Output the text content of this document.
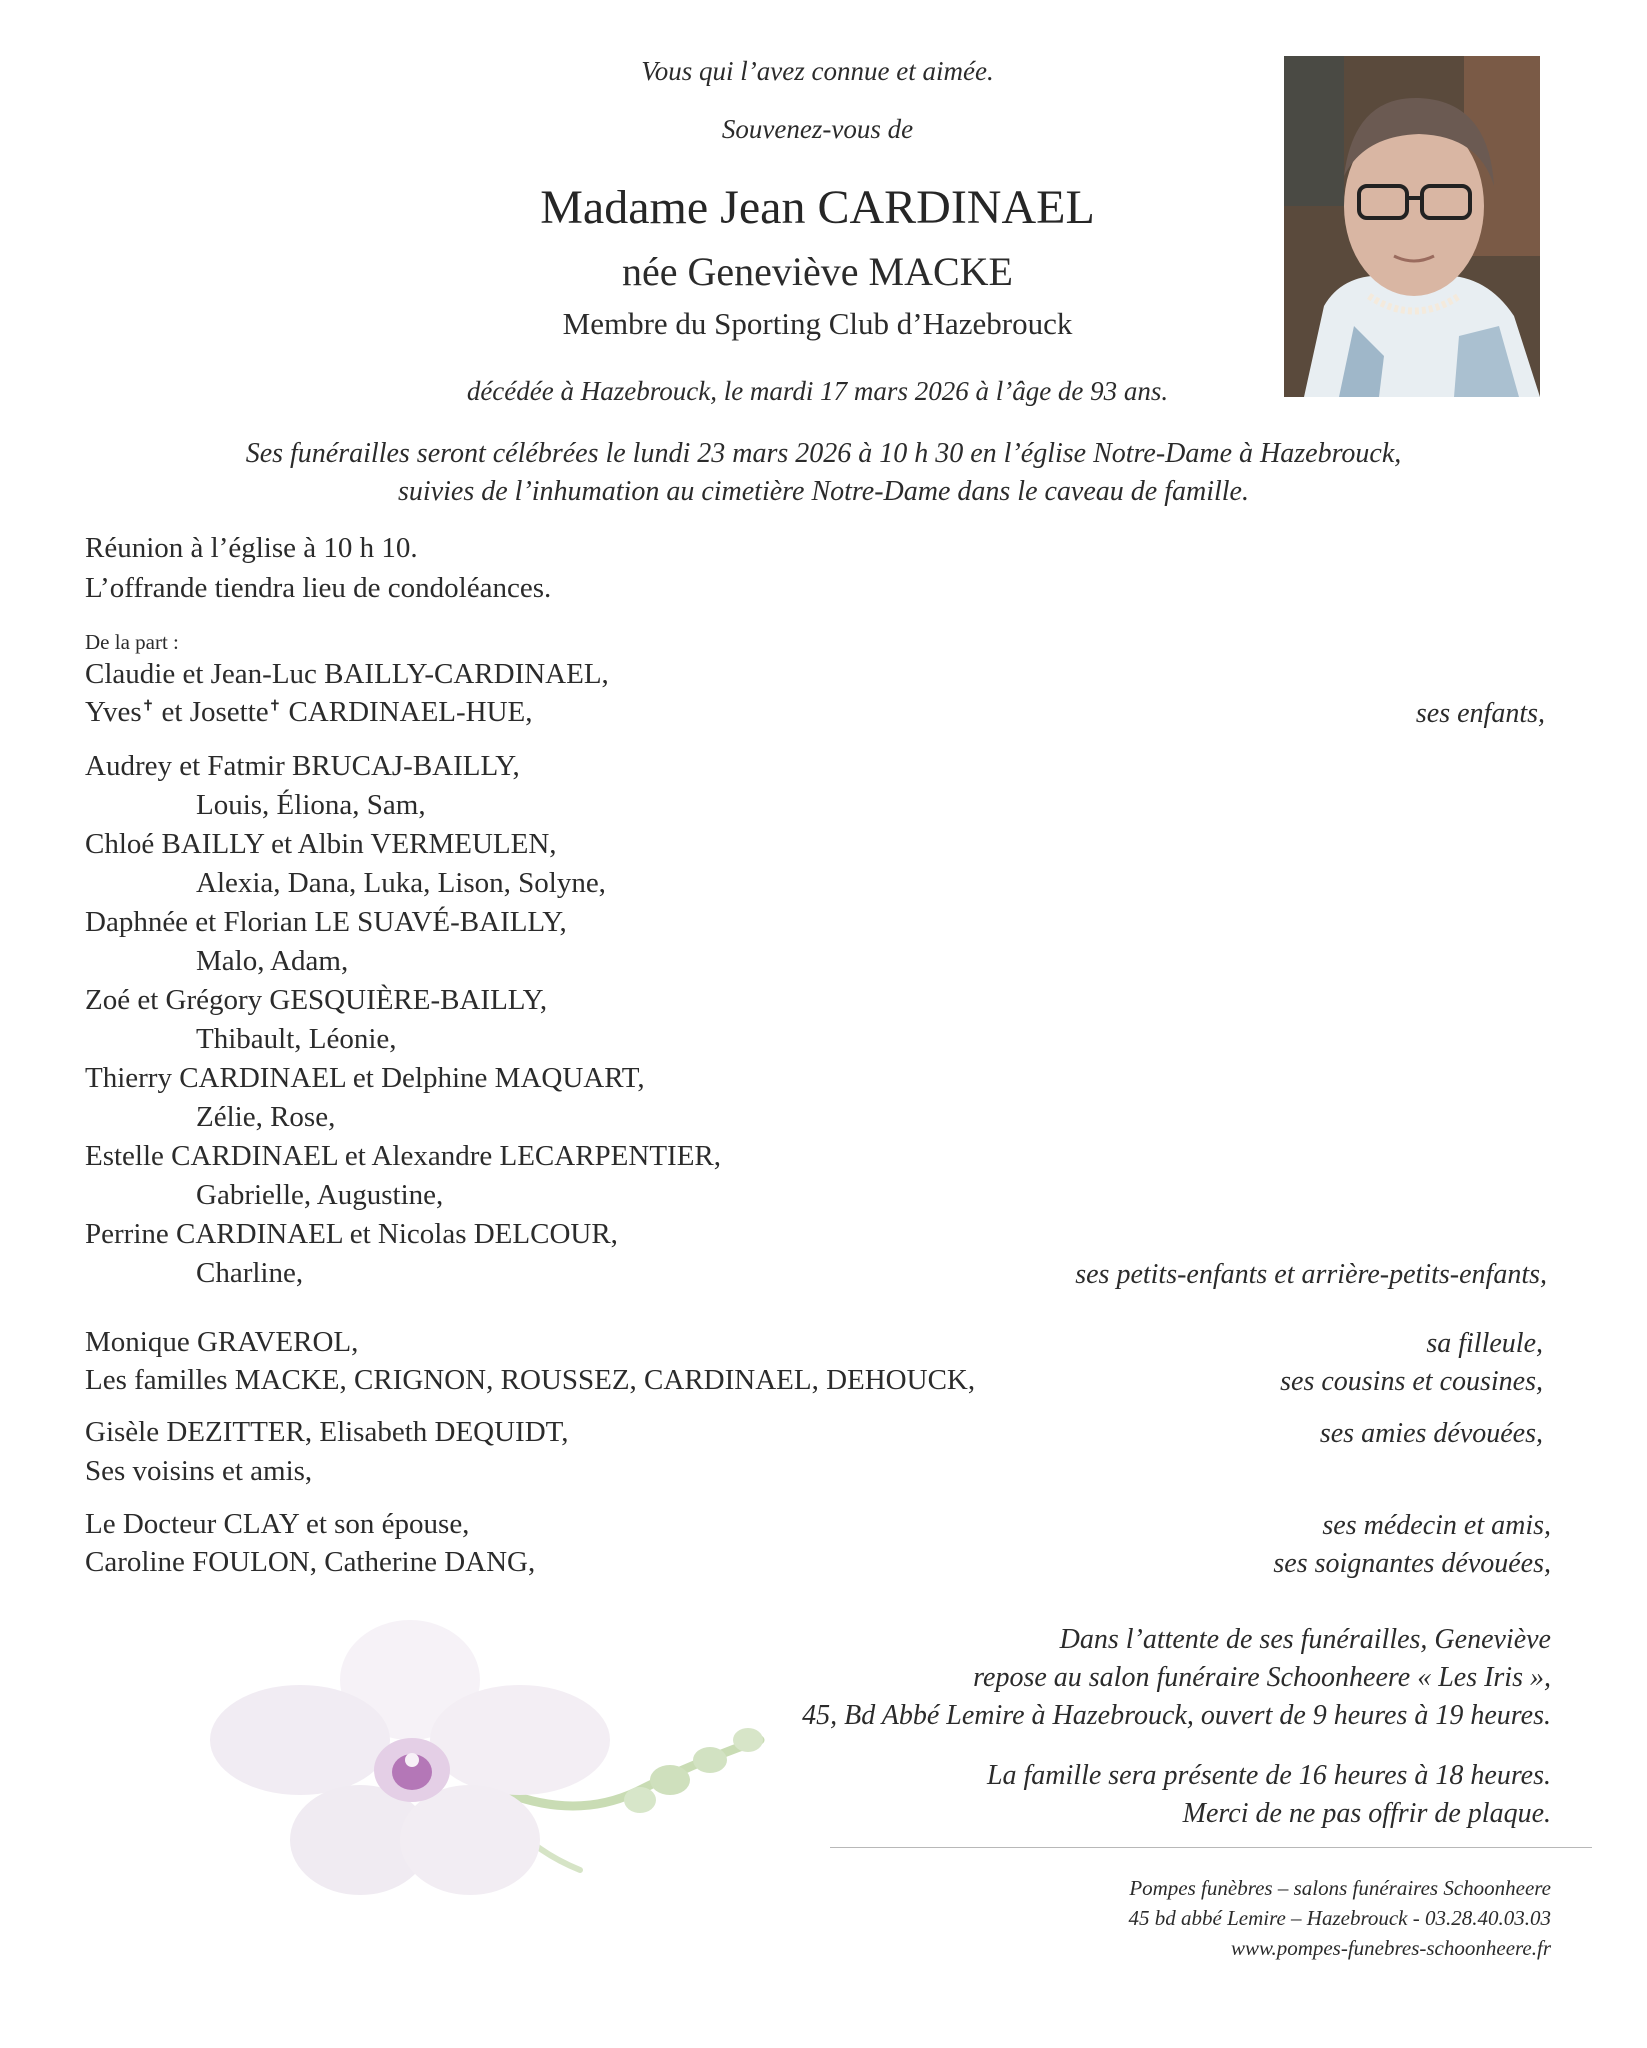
Vous qui l’avez connue et aimée.
Souvenez-vous de
Madame Jean CARDINAEL
née Geneviève MACKE
Membre du Sporting Club d’Hazebrouck
décédée à Hazebrouck, le mardi 17 mars 2026 à l’âge de 93 ans.
Ses funérailles seront célébrées le lundi 23 mars 2026 à 10 h 30 en l’église Notre-Dame à Hazebrouck,
suivies de l’inhumation au cimetière Notre-Dame dans le caveau de famille.
Réunion à l’église à 10 h 10.
L’offrande tiendra lieu de condoléances.
De la part :
Claudie et Jean-Luc BAILLY-CARDINAEL,
Yves✝ et Josette✝ CARDINAEL-HUE,	ses enfants,
Audrey et Fatmir BRUCAJ-BAILLY,
Louis, Éliona, Sam,
Chloé BAILLY et Albin VERMEULEN,
Alexia, Dana, Luka, Lison, Solyne,
Daphnée et Florian LE SUAVÉ-BAILLY,
Malo, Adam,
Zoé et Grégory GESQUIÈRE-BAILLY,
Thibault, Léonie,
Thierry CARDINAEL et Delphine MAQUART,
Zélie, Rose,
Estelle CARDINAEL et Alexandre LECARPENTIER,
Gabrielle, Augustine,
Perrine CARDINAEL et Nicolas DELCOUR,
Charline,	ses petits-enfants et arrière-petits-enfants,
Monique GRAVEROL,	sa filleule,
Les familles MACKE, CRIGNON, ROUSSEZ, CARDINAEL, DEHOUCK,	ses cousins et cousines,
Gisèle DEZITTER, Elisabeth DEQUIDT,	ses amies dévouées,
Ses voisins et amis,
Le Docteur CLAY et son épouse,	ses médecin et amis,
Caroline FOULON, Catherine DANG,	ses soignantes dévouées,
Dans l’attente de ses funérailles, Geneviève
repose au salon funéraire Schoonheere « Les Iris »,
45, Bd Abbé Lemire à Hazebrouck, ouvert de 9 heures à 19 heures.
La famille sera présente de 16 heures à 18 heures.
Merci de ne pas offrir de plaque.
Pompes funèbres – salons funéraires Schoonheere
45 bd abbé Lemire – Hazebrouck - 03.28.40.03.03
www.pompes-funebres-schoonheere.fr
